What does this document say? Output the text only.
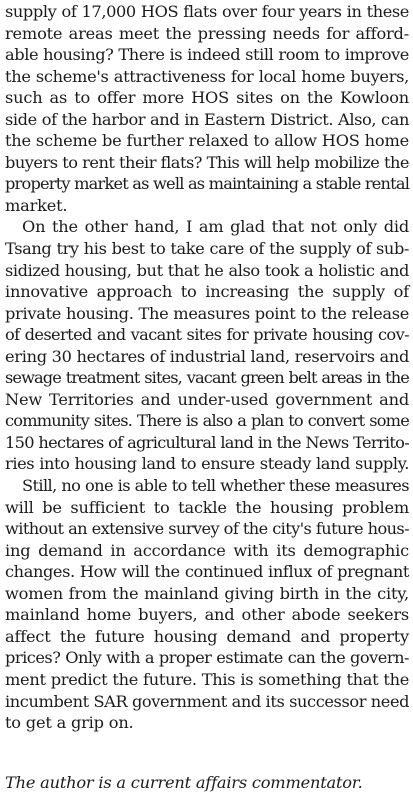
supply of 17,000 HOS flats over four years in these
remote areas meet the pressing needs for afford-
able housing? There is indeed still room to improve
the scheme's attractiveness for local home buyers,
such as to offer more HOS sites on the Kowloon
side of the harbor and in Eastern District. Also, can
the scheme be further relaxed to allow HOS home
buyers to rent their flats? This will help mobilize the
property market as well as maintaining a stable rental
market.
On the other hand, I am glad that not only did
Tsang try his best to take care of the supply of sub-
sidized housing, but that he also took a holistic and
innovative approach to increasing the supply of
private housing. The measures point to the release
of deserted and vacant sites for private housing cov-
ering 30 hectares of industrial land, reservoirs and
sewage treatment sites, vacant green belt areas in the
New Territories and under-used government and
community sites. There is also a plan to convert some
150 hectares of agricultural land in the News Territo-
ries into housing land to ensure steady land supply.
Still, no one is able to tell whether these measures
will be sufficient to tackle the housing problem
without an extensive survey of the city's future hous-
ing demand in accordance with its demographic
changes. How will the continued influx of pregnant
women from the mainland giving birth in the city,
mainland home buyers, and other abode seekers
affect the future housing demand and property
prices? Only with a proper estimate can the govern-
ment predict the future. This is something that the
incumbent SAR government and its successor need
to get a grip on.
The author is a current affairs commentator.
